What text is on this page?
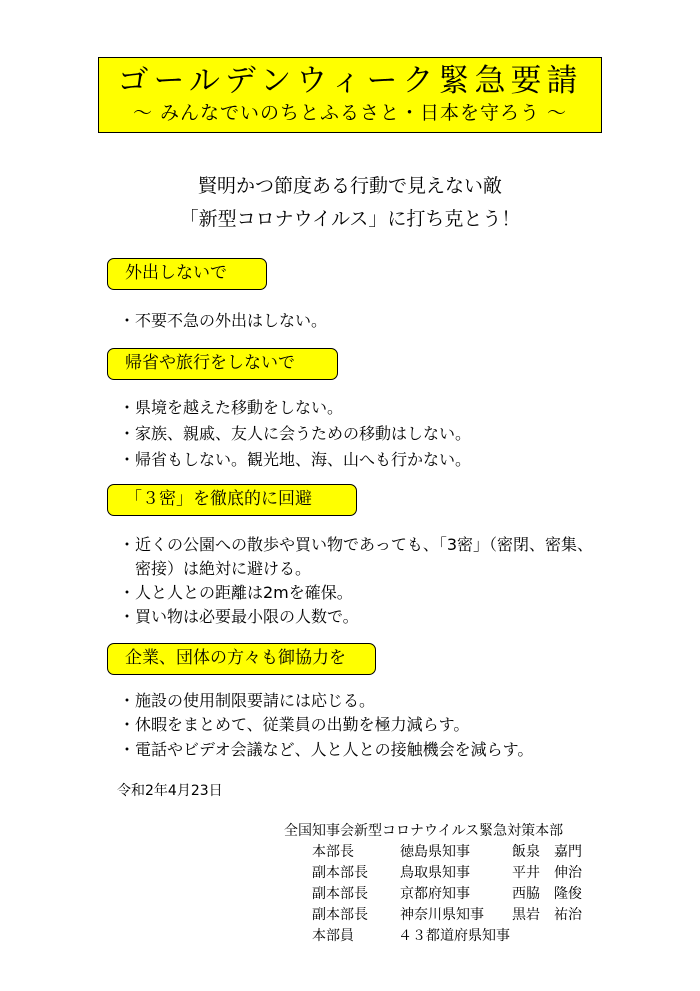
ゴールデンウィーク緊急要請
～ みんなでいのちとふるさと・日本を守ろう ～
賢明かつ節度ある行動で見えない敵
「新型コロナウイルス」に打ち克とう！
外出しないで
・不要不急の外出はしない。
帰省や旅行をしないで
・県境を越えた移動をしない。
・家族、親戚、友人に会うための移動はしない。
・帰省もしない。観光地、海、山へも行かない。
「３密」を徹底的に回避
・近くの公園への散歩や買い物であっても、「3密」（密閉、密集、
密接）は絶対に避ける。
・人と人との距離は2mを確保。
・買い物は必要最小限の人数で。
企業、団体の方々も御協力を
・施設の使用制限要請には応じる。
・休暇をまとめて、従業員の出勤を極力減らす。
・電話やビデオ会議など、人と人との接触機会を減らす。
令和2年4月23日
全国知事会新型コロナウイルス緊急対策本部
本部長	徳島県知事	飯泉　嘉門
副本部長 鳥取県知事	平井　伸治
副本部長 京都府知事	西脇　隆俊
副本部長 神奈川県知事 黒岩　祐治
本部員	４３都道府県知事
